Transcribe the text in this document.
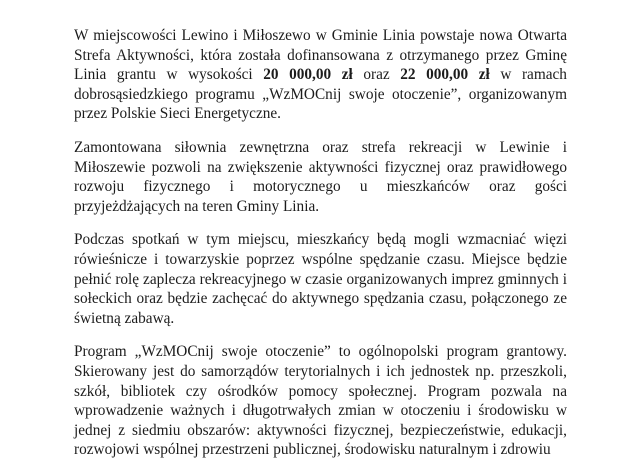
W miejscowości Lewino i Miłoszewo w Gminie Linia powstaje nowa Otwarta Strefa Aktywności, która została dofinansowana z otrzymanego przez Gminę Linia grantu w wysokości 20 000,00 zł oraz 22 000,00 zł w ramach dobrosąsiedzkiego programu „WzMOCnij swoje otoczenie”, organizowanym przez Polskie Sieci Energetyczne.

Zamontowana siłownia zewnętrzna oraz strefa rekreacji w Lewinie i Miłoszewie pozwoli na zwiększenie aktywności fizycznej oraz prawidłowego rozwoju fizycznego i motorycznego u mieszkańców oraz gości przyjeżdżających na teren Gminy Linia.

Podczas spotkań w tym miejscu, mieszkańcy będą mogli wzmacniać więzi rówieśnicze i towarzyskie poprzez wspólne spędzanie czasu. Miejsce będzie pełnić rolę zaplecza rekreacyjnego w czasie organizowanych imprez gminnych i sołeckich oraz będzie zachęcać do aktywnego spędzania czasu, połączonego ze świetną zabawą.

Program „WzMOCnij swoje otoczenie” to ogólnopolski program grantowy. Skierowany jest do samorządów terytorialnych i ich jednostek np. przeszkoli, szkół, bibliotek czy ośrodków pomocy społecznej. Program pozwala na wprowadzenie ważnych i długotrwałych zmian w otoczeniu i środowisku w jednej z siedmiu obszarów: aktywności fizycznej, bezpieczeństwie, edukacji, rozwojowi wspólnej przestrzeni publicznej, środowisku naturalnym i zdrowiu
